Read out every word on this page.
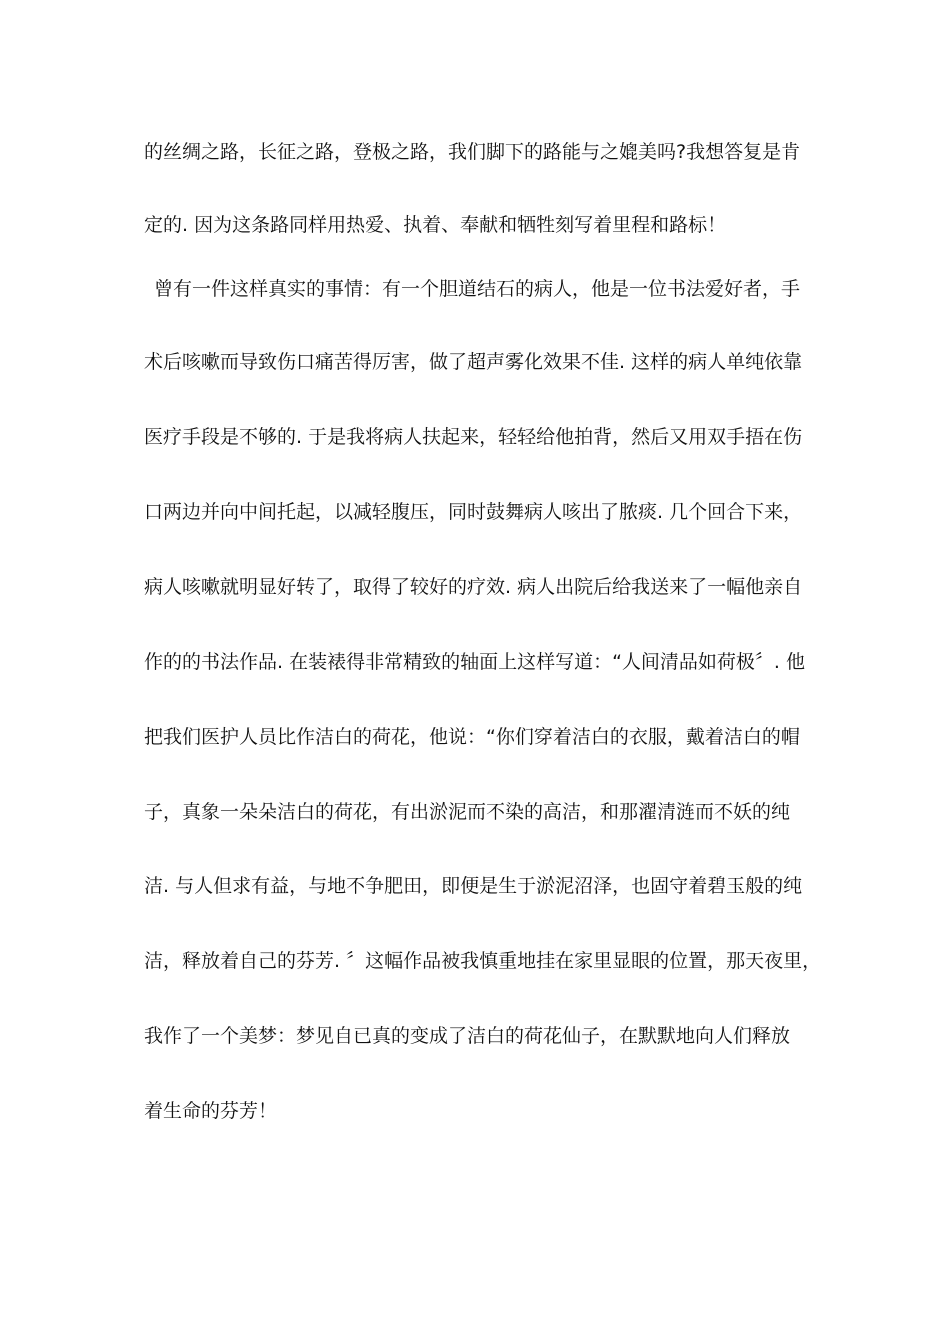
的丝绸之路，长征之路，登极之路，我们脚下的路能与之媲美吗?我想答复是肯
定的. 因为这条路同样用热爱、执着、奉献和牺牲刻写着里程和路标！
曾有一件这样真实的事情：有一个胆道结石的病人，他是一位书法爱好者，手
术后咳嗽而导致伤口痛苦得厉害，做了超声雾化效果不佳. 这样的病人单纯依靠
医疗手段是不够的. 于是我将病人扶起来，轻轻给他拍背，然后又用双手捂在伤
口两边并向中间托起，以减轻腹压，同时鼓舞病人咳出了脓痰. 几个回合下来，
病人咳嗽就明显好转了，取得了较好的疗效. 病人出院后给我送来了一幅他亲自
作的的书法作品. 在装裱得非常精致的轴面上这样写道：“人间清品如荷极〞. 他
把我们医护人员比作洁白的荷花，他说：“你们穿着洁白的衣服，戴着洁白的帽
子，真象一朵朵洁白的荷花，有出淤泥而不染的高洁，和那濯清涟而不妖的纯
洁. 与人但求有益，与地不争肥田，即便是生于淤泥沼泽，也固守着碧玉般的纯
洁，释放着自己的芬芳. 〞这幅作品被我慎重地挂在家里显眼的位置，那天夜里，
我作了一个美梦：梦见自已真的变成了洁白的荷花仙子，在默默地向人们释放
着生命的芬芳！
